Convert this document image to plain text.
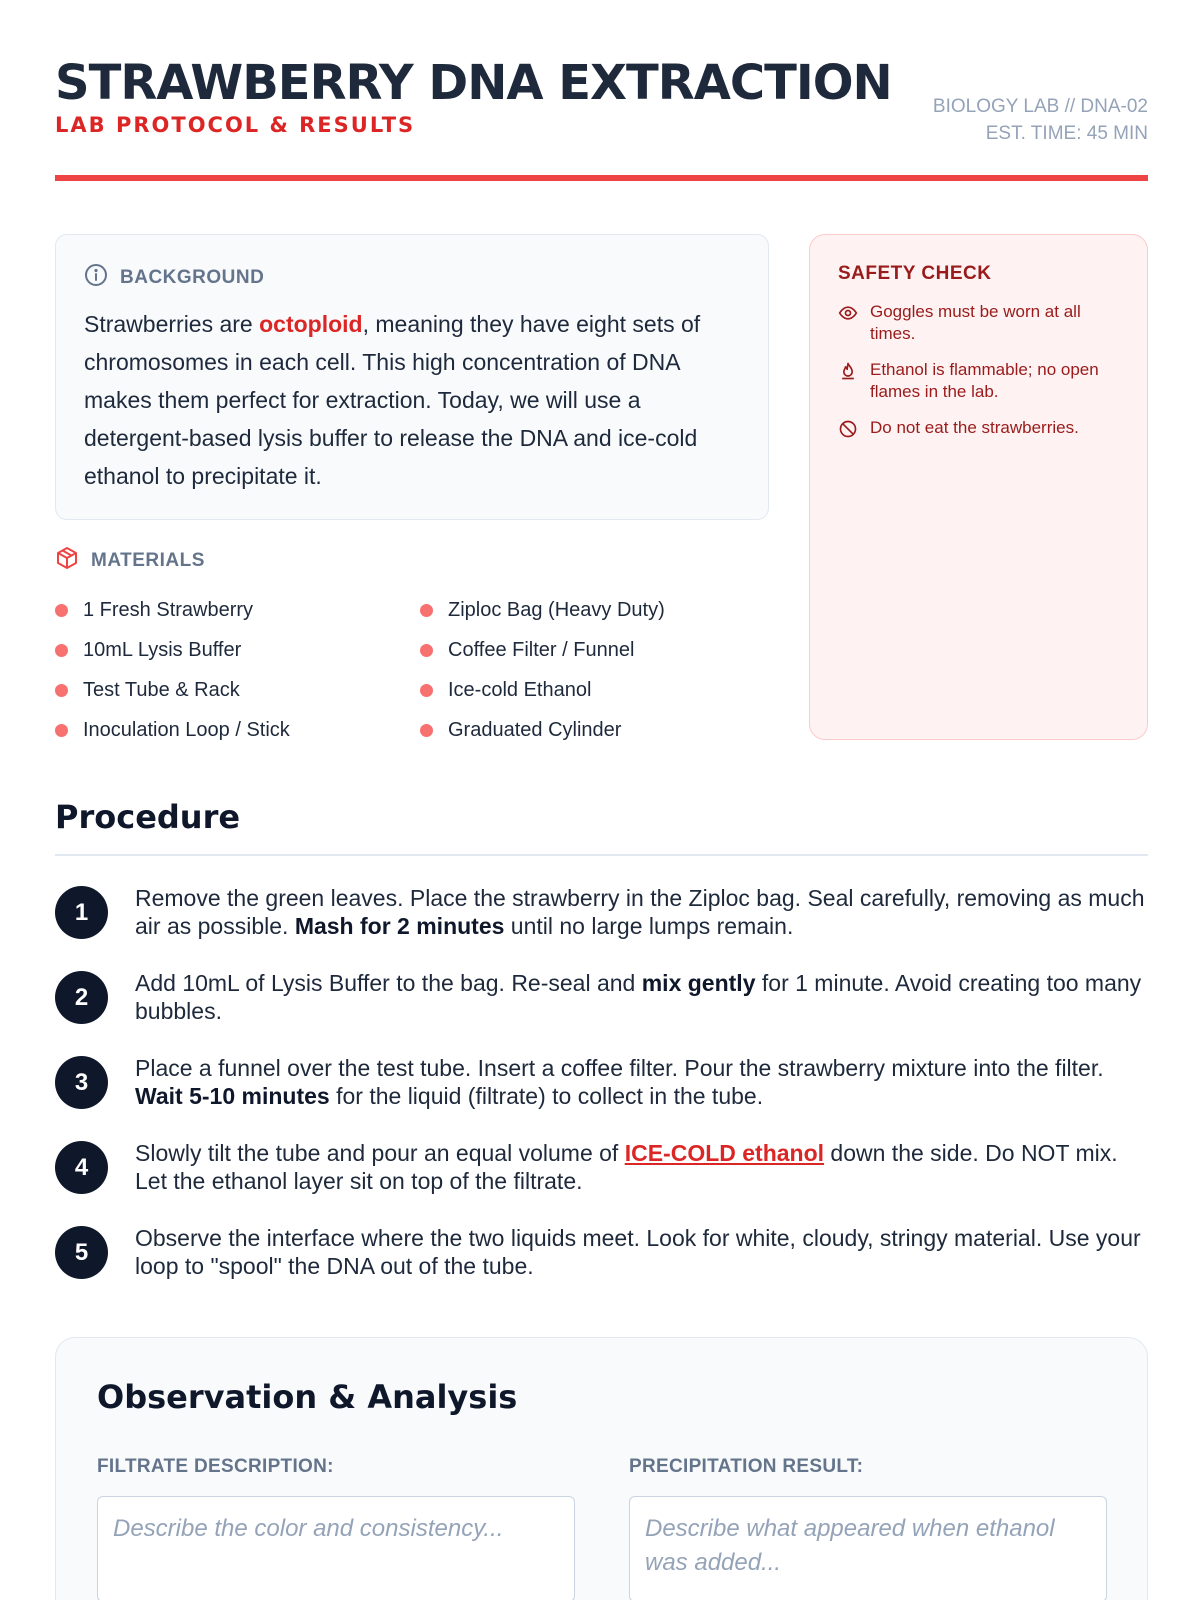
STRAWBERRY DNA EXTRACTION
LAB PROTOCOL & RESULTS
BIOLOGY LAB // DNA-02
EST. TIME: 45 MIN
BACKGROUND

Strawberries are octoploid, meaning they have eight sets of chromosomes in each cell. This high concentration of DNA makes them perfect for extraction. Today, we will use a detergent-based lysis buffer to release the DNA and ice-cold ethanol to precipitate it.

SAFETY CHECK
Goggles must be worn at all times.
Ethanol is flammable; no open flames in the lab.
Do not eat the strawberries.
MATERIALS
1 Fresh Strawberry	Ziploc Bag (Heavy Duty)
10mL Lysis Buffer	Coffee Filter / Funnel
Test Tube & Rack	Ice-cold Ethanol
Inoculation Loop / Stick	Graduated Cylinder
Procedure
1

Remove the green leaves. Place the strawberry in the Ziploc bag. Seal carefully, removing as much air as possible. Mash for 2 minutes until no large lumps remain.

2

Add 10mL of Lysis Buffer to the bag. Re-seal and mix gently for 1 minute. Avoid creating too many bubbles.

3

Place a funnel over the test tube. Insert a coffee filter. Pour the strawberry mixture into the filter. Wait 5-10 minutes for the liquid (filtrate) to collect in the tube.

4

Slowly tilt the tube and pour an equal volume of ICE-COLD ethanol down the side. Do NOT mix. Let the ethanol layer sit on top of the filtrate.

5

Observe the interface where the two liquids meet. Look for white, cloudy, stringy material. Use your loop to "spool" the DNA out of the tube.

Observation & Analysis
FILTRATE DESCRIPTION:
Describe the color and consistency...	PRECIPITATION RESULT:
Describe what appeared when ethanol was added...
